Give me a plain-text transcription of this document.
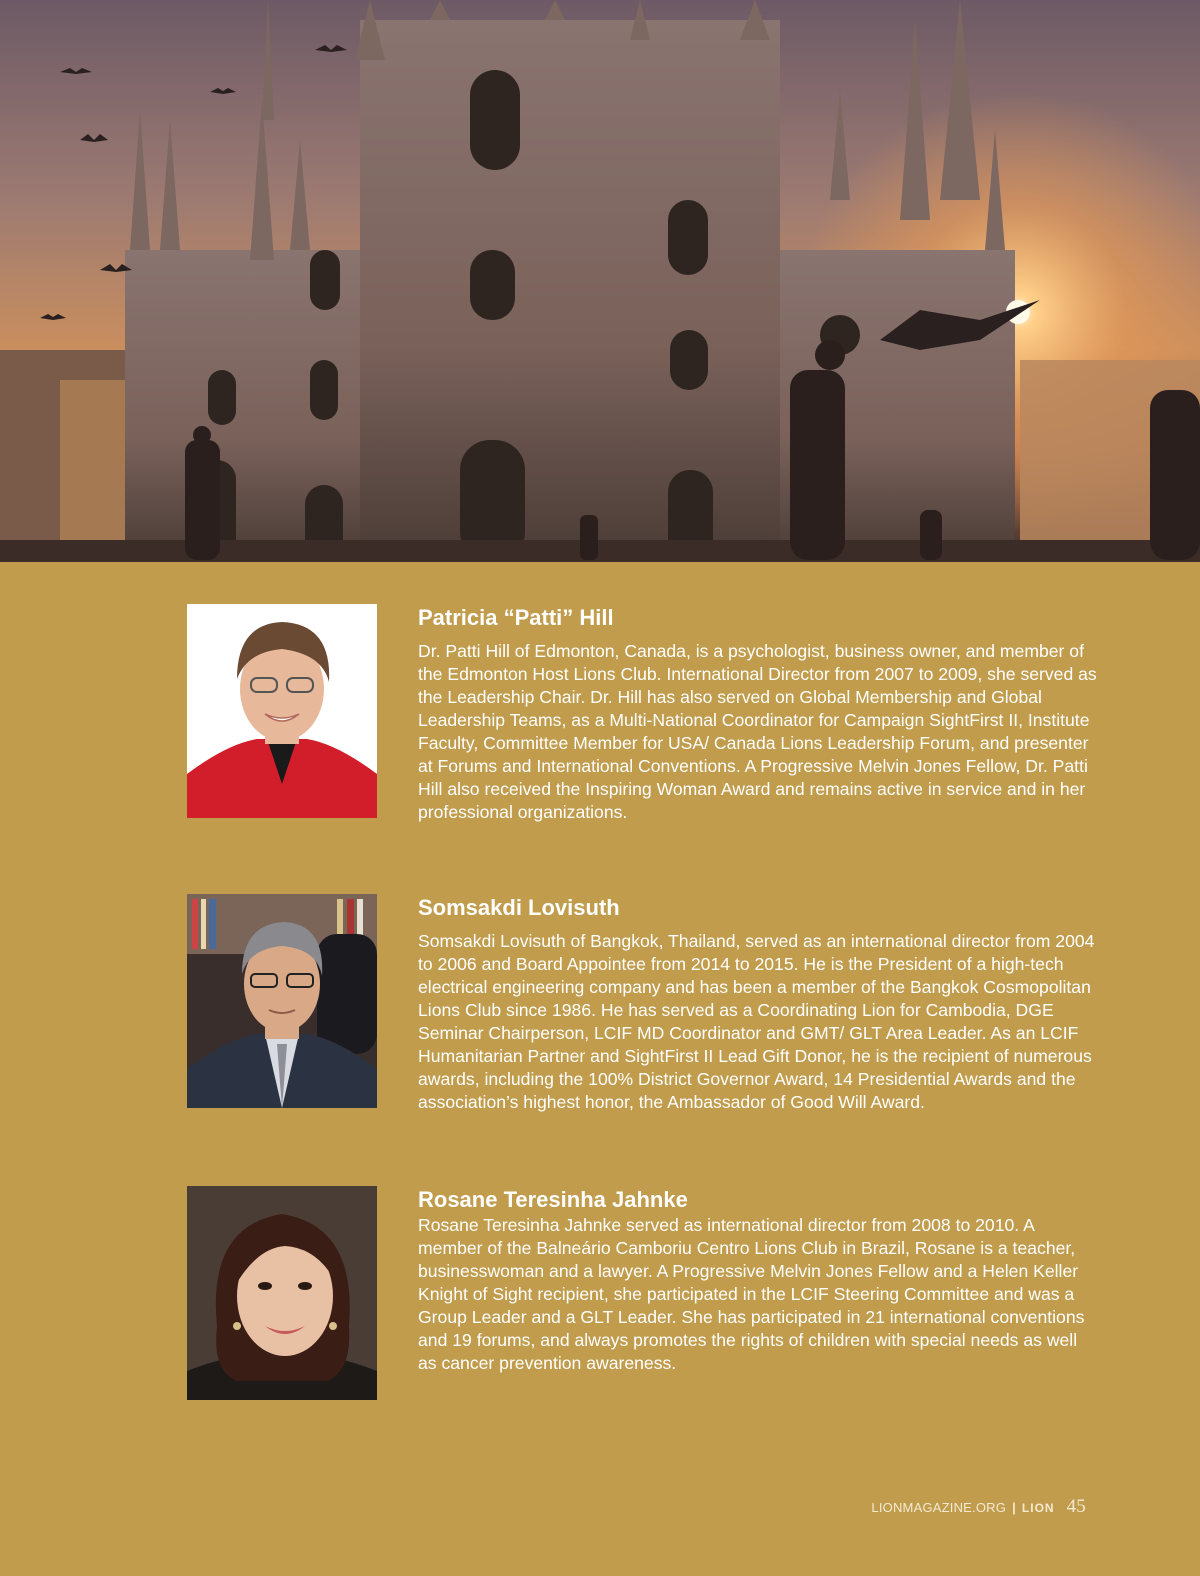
Patricia “Patti” Hill

Dr. Patti Hill of Edmonton, Canada, is a psychologist, business owner, and member of the Edmonton Host Lions Club. International Director from 2007 to 2009, she served as the Leadership Chair. Dr. Hill has also served on Global Membership and Global Leadership Teams, as a Multi-National Coordinator for Campaign SightFirst II, Institute Faculty, Committee Member for USA/ Canada Lions Leadership Forum, and presenter at Forums and International Conventions. A Progressive Melvin Jones Fellow, Dr. Patti Hill also received the Inspiring Woman Award and remains active in service and in her professional organizations.

Somsakdi Lovisuth

Somsakdi Lovisuth of Bangkok, Thailand, served as an international director from 2004 to 2006 and Board Appointee from 2014 to 2015. He is the President of a high-tech electrical engineering company and has been a member of the Bangkok Cosmopolitan Lions Club since 1986. He has served as a Coordinating Lion for Cambodia, DGE Seminar Chairperson, LCIF MD Coordinator and GMT/ GLT Area Leader. As an LCIF Humanitarian Partner and SightFirst II Lead Gift Donor, he is the recipient of numerous awards, including the 100% District Governor Award, 14 Presidential Awards and the association’s highest honor, the Ambassador of Good Will Award.

Rosane Teresinha Jahnke

Rosane Teresinha Jahnke served as international director from 2008 to 2010. A member of the Balneário Camboriu Centro Lions Club in Brazil, Rosane is a teacher, businesswoman and a lawyer. A Progressive Melvin Jones Fellow and a Helen Keller Knight of Sight recipient, she participated in the LCIF Steering Committee and was a Group Leader and a GLT Leader. She has participated in 21 international conventions and 19 forums, and always promotes the rights of children with special needs as well as cancer prevention awareness.

LIONMAGAZINE.ORG | LION 45
